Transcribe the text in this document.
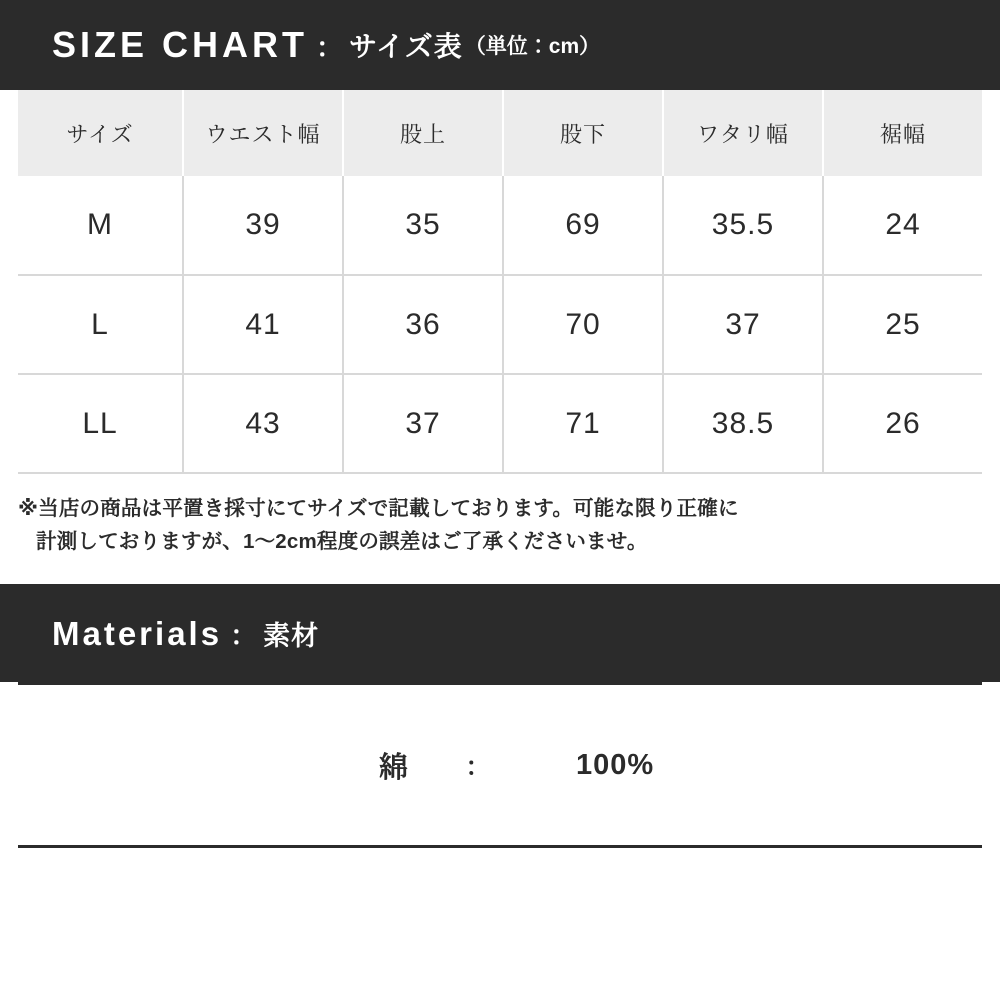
SIZE CHART ： サイズ表 （単位：cm）
サイズ	ウエスト幅	股上	股下	ワタリ幅	裾幅
M	39	35	69	35.5	24
L	41	36	70	37	25
LL	43	37	71	38.5	26
※当店の商品は平置き採寸にてサイズで記載しております。可能な限り正確に
計測しておりますが、1〜2cm程度の誤差はご了承くださいませ。
Materials ： 素材
綿	：	100%
